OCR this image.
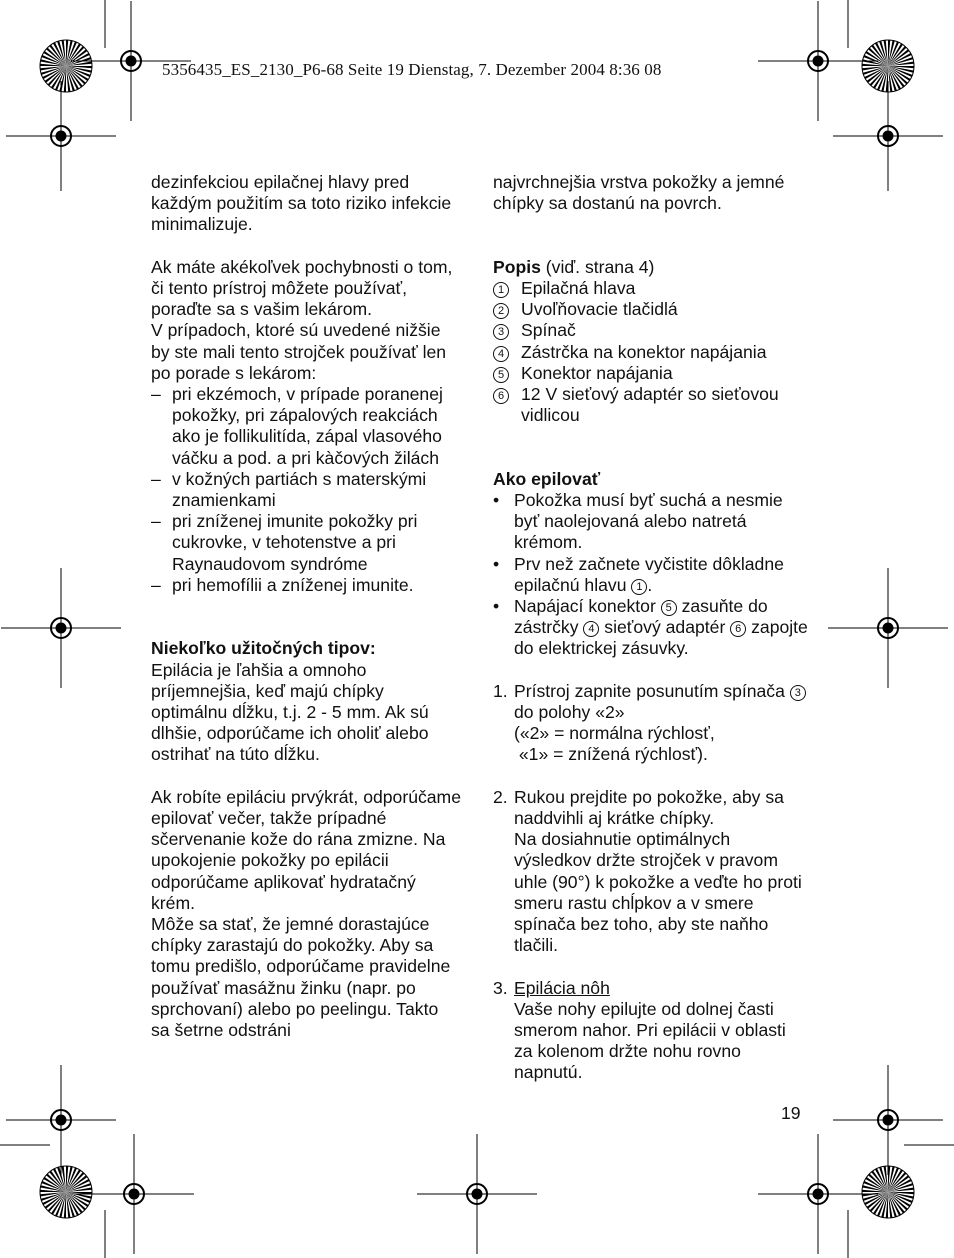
5356435_ES_2130_P6-68 Seite 19 Dienstag, 7. Dezember 2004 8:36 08

dezinfekciou epilačnej hlavy pred každým použitím sa toto riziko infekcie minimalizuje.

Ak máte akékoľvek pochybnosti o tom, či tento prístroj môžete používať, poraďte sa s vašim lekárom.

V prípadoch, ktoré sú uvedené nižšie by ste mali tento strojček používať len po porade s lekárom:

– pri ekzémoch, v prípade poranenej pokožky, pri zápalových reakciách ako je follikulitída, zápal vlasového váčku a pod. a pri kàčových žilách
– v kožných partiách s materskými znamienkami
– pri zníženej imunite pokožky pri cukrovke, v tehotenstve a pri Raynaudovom syndróme
– pri hemofílii a zníženej imunite.

Niekoľko užitočných tipov:

Epilácia je ľahšia a omnoho príjemnejšia, keď majú chípky optimálnu dĺžku, t.j. 2 - 5 mm. Ak sú dlhšie, odporúčame ich oholiť alebo ostrihať na túto dĺžku.

Ak robíte epiláciu prvýkrát, odporúčame epilovať večer, takže prípadné sčervenanie kože do rána zmizne. Na upokojenie pokožky po epilácii odporúčame aplikovať hydratačný krém.

Môže sa stať, že jemné dorastajúce chípky zarastajú do pokožky. Aby sa tomu predišlo, odporúčame pravidelne používať masážnu žinku (napr. po sprchovaní) alebo po peelingu. Takto sa šetrne odstráni

najvrchnejšia vrstva pokožky a jemné chípky sa dostanú na povrch.

Popis (viď. strana 4)

1 Epilačná hlava
2 Uvoľňovacie tlačidlá
3 Spínač
4 Zástrčka na konektor napájania
5 Konektor napájania
6 12 V sieťový adaptér so sieťovou vidlicou

Ako epilovať

• Pokožka musí byť suchá a nesmie byť naolejovaná alebo natretá krémom.
• Prv než začnete vyčistite dôkladne epilačnú hlavu 1 .
• Napájací konektor 5 zasuňte do zástrčky 4 sieťový adaptér 6 zapojte do elektrickej zásuvky.
1. Prístroj zapnite posunutím spínača 3 do polohy «2»
(«2» = normálna rýchlosť,
«1» = znížená rýchlosť).
2. Rukou prejdite po pokožke, aby sa naddvihli aj krátke chípky.
Na dosiahnutie optimálnych výsledkov držte strojček v pravom uhle (90°) k pokožke a veďte ho proti smeru rastu chĺpkov a v smere spínača bez toho, aby ste naňho tlačili.
3. Epilácia nôh
Vaše nohy epilujte od dolnej časti smerom nahor. Pri epilácii v oblasti za kolenom držte nohu rovno napnutú.
19
